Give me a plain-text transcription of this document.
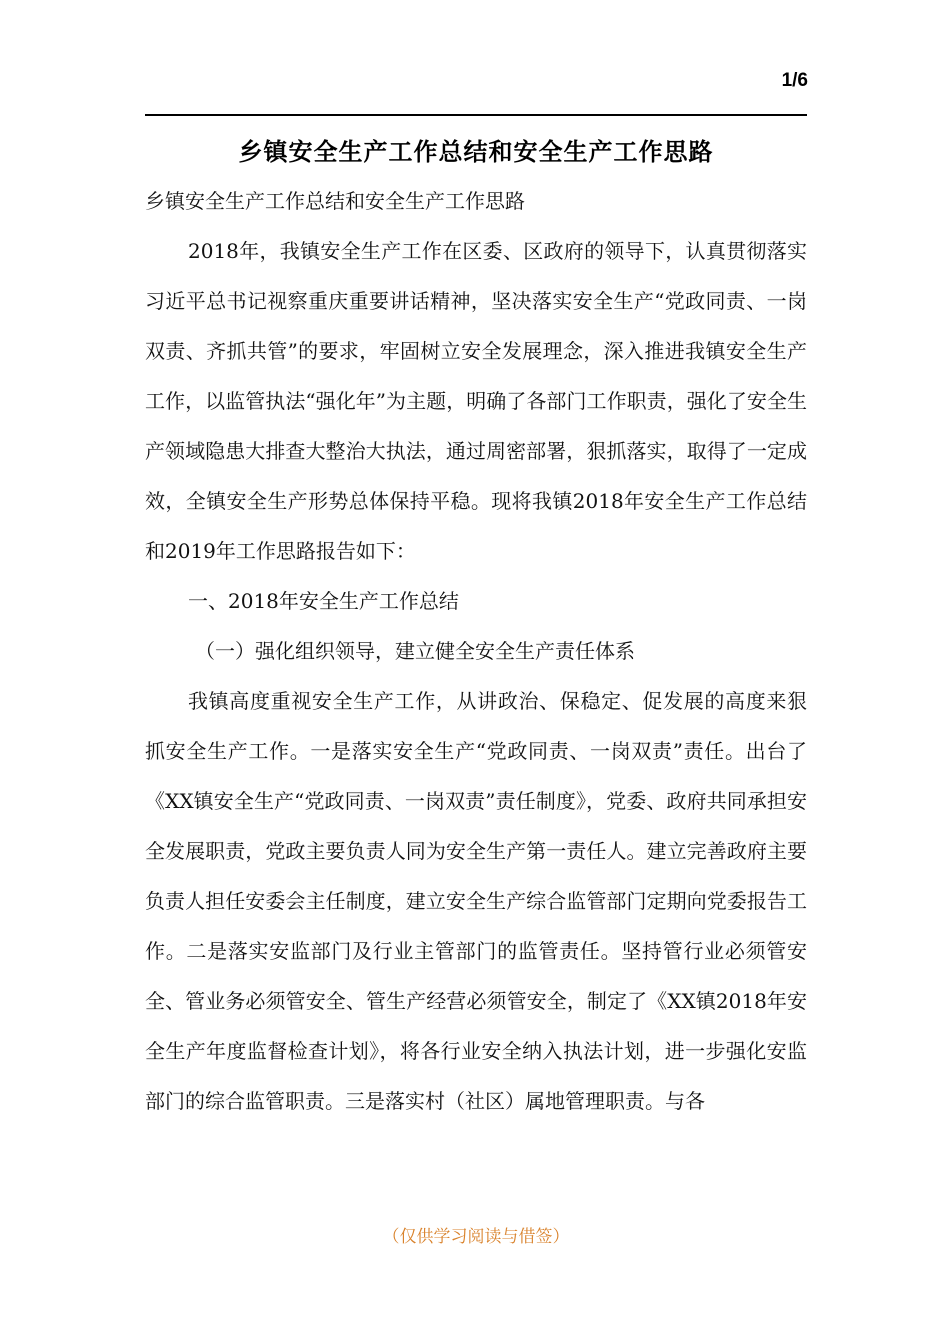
1/6
乡镇安全生产工作总结和安全生产工作思路

乡镇安全生产工作总结和安全生产工作思路

2018年，我镇安全生产工作在区委、区政府的领导下，认真贯彻落实习近平总书记视察重庆重要讲话精神，坚决落实安全生产“党政同责、一岗双责、齐抓共管”的要求，牢固树立安全发展理念，深入推进我镇安全生产工作，以监管执法“强化年”为主题，明确了各部门工作职责，强化了安全生产领域隐患大排查大整治大执法，通过周密部署，狠抓落实，取得了一定成效，全镇安全生产形势总体保持平稳。现将我镇2018年安全生产工作总结和2019年工作思路报告如下：

一、2018年安全生产工作总结

（一）强化组织领导，建立健全安全生产责任体系

我镇高度重视安全生产工作，从讲政治、保稳定、促发展的高度来狠抓安全生产工作。一是落实安全生产“党政同责、一岗双责”责任。出台了《XX镇安全生产“党政同责、一岗双责”责任制度》，党委、政府共同承担安全发展职责，党政主要负责人同为安全生产第一责任人。建立完善政府主要负责人担任安委会主任制度，建立安全生产综合监管部门定期向党委报告工作。二是落实安监部门及行业主管部门的监管责任。坚持管行业必须管安全、管业务必须管安全、管生产经营必须管安全，制定了《XX镇2018年安全生产年度监督检查计划》，将各行业安全纳入执法计划，进一步强化安监部门的综合监管职责。三是落实村（社区）属地管理职责。与各

（仅供学习阅读与借签）
